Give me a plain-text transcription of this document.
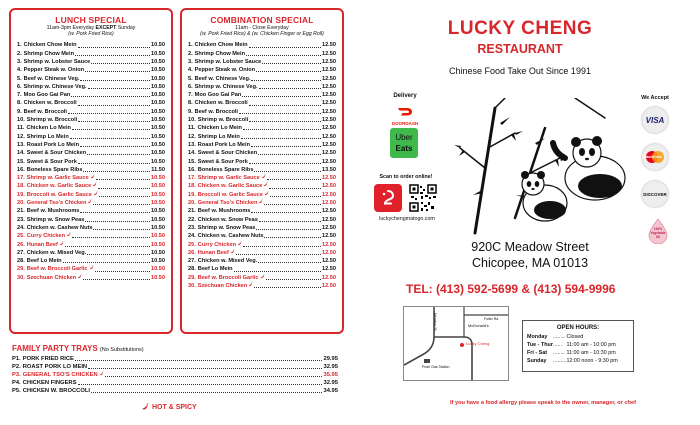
LUNCH SPECIAL
11am-3pm Everyday EXCEPT Sunday
(w. Pork Fried Rice)
1. Chicken Chow Mein	10.50
2. Shrimp Chow Mein	10.50
3. Shrimp w. Lobster Sauce	10.50
4. Pepper Steak w. Onion	10.50
5. Beef w. Chinese Veg.	10.50
6. Shrimp w. Chinese Veg.	10.50
7. Moo Goo Gai Pan	10.50
8. Chicken w. Broccoli	10.50
9. Beef w. Broccoli	10.50
10. Shrimp w. Broccoli	10.50
11. Chicken Lo Mein	10.50
12. Shrimp Lo Mein	10.50
13. Roast Pork Lo Mein	10.50
14. Sweet & Sour Chicken	10.50
15. Sweet & Sour Pork	10.50
16. Boneless Spare Ribs	11.50
17. Shrimp w. Garlic Sauce	10.50
18. Chicken w. Garlic Sauce	10.50
19. Broccoli w. Garlic Sauce	10.50
20. General Tso's Chicken	10.50
21. Beef w. Mushrooms	10.50
23. Shrimp w. Snow Peas	10.50
24. Chicken w. Cashew Nuts	10.50
25. Curry Chicken	10.50
26. Hunan Beef	10.50
27. Chicken w. Mixed Veg.	10.50
28. Beef Lo Mein	10.50
29. Beef w. Broccoli Garlic	10.50
30. Szechuan Chicken	10.50
COMBINATION SPECIAL
11am - Close Everyday
(w. Pork Fried Rice) & (w. Chicken Finger or Egg Roll)
1. Chicken Chow Mein	12.50
2. Shrimp Chow Mein	12.50
3. Shrimp w. Lobster Sauce	12.50
4. Pepper Steak w. Onion	12.50
5. Beef w. Chinese Veg.	12.50
6. Shrimp w. Chinese Veg.	12.50
7. Moo Goo Gai Pan	12.50
8. Chicken w. Broccoli	12.50
9. Beef w. Broccoli	12.50
10. Shrimp w. Broccoli	12.50
11. Chicken Lo Mein	12.50
12. Shrimp Lo Mein	12.50
13. Roast Pork Lo Mein	12.50
14. Sweet & Sour Chicken	12.50
15. Sweet & Sour Pork	12.50
16. Boneless Spare Ribs	13.50
17. Shrimp w. Garlic Sauce	12.50
18. Chicken w. Garlic Sauce	12.50
19. Broccoli w. Garlic Sauce	12.50
20. General Tso's Chicken	12.50
21. Beef w. Mushrooms	12.50
22. Chicken w. Snow Peas	12.50
23. Shrimp w. Snow Peas	12.50
24. Chicken w. Cashew Nuts	12.50
25. Curry Chicken	12.50
26. Hunan Beef	12.50
27. Chicken w. Mixed Veg.	12.50
28. Beef Lo Mein	12.50
29. Beef w. Broccoli Garlic	12.50
30. Szechuan Chicken	12.50
FAMILY PARTY TRAYS (No Substitutions)
P1. PORK FRIED RICE	29.95
P2. ROAST PORK LO MEIN	32.95
P3. GENERAL TSO'S CHICKEN	35.95
P4. CHICKEN FINGERS	32.95
P5. CHICKEN W. BROCCOLI	34.95
HOT & SPICY
LUCKY CHENG
RESTAURANT
Chinese Food Take Out Since 1991
Delivery
DOORDASH
Uber
Eats
Scan to order online!
luckychengmatogo.com
We Accept
VISA
MasterCard
DISCOVER
100%
Vegetable
Oil
920C Meadow Street
Chicopee, MA 01013
TEL: (413) 592-5699 & (413) 594-9996
McDonald's
Lucky Cheng
Pride Gas Station
Meadow St.	Fuller Rd.
OPEN HOURS:
Monday	........	Closed
Tue - Thur	......	11:00 am - 10:00 pm
Fri - Sat	........	11:00 am - 10:30 pm
Sunday	.........	12:00 noon - 9:30 pm
If you have a food allergy please speak to the owner, manager, or chef
